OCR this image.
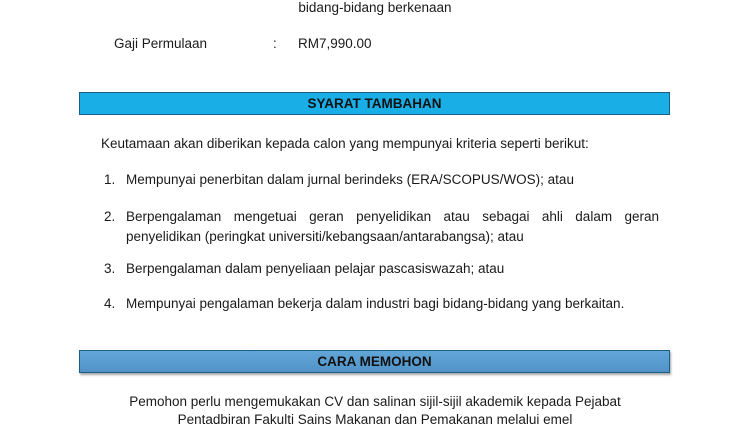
bidang-bidang berkenaan
Gaji Permulaan	: RM7,990.00
SYARAT TAMBAHAN
Keutamaan akan diberikan kepada calon yang mempunyai kriteria seperti berikut:
1. Mempunyai penerbitan dalam jurnal berindeks (ERA/SCOPUS/WOS); atau
2. Berpengalaman mengetuai geran penyelidikan atau sebagai ahli dalam geran penyelidikan (peringkat universiti/kebangsaan/antarabangsa); atau
3. Berpengalaman dalam penyeliaan pelajar pascasiswazah; atau
4. Mempunyai pengalaman bekerja dalam industri bagi bidang-bidang yang berkaitan.
CARA MEMOHON
Pemohon perlu mengemukakan CV dan salinan sijil-sijil akademik kepada Pejabat
Pentadbiran Fakulti Sains Makanan dan Pemakanan melalui emel
